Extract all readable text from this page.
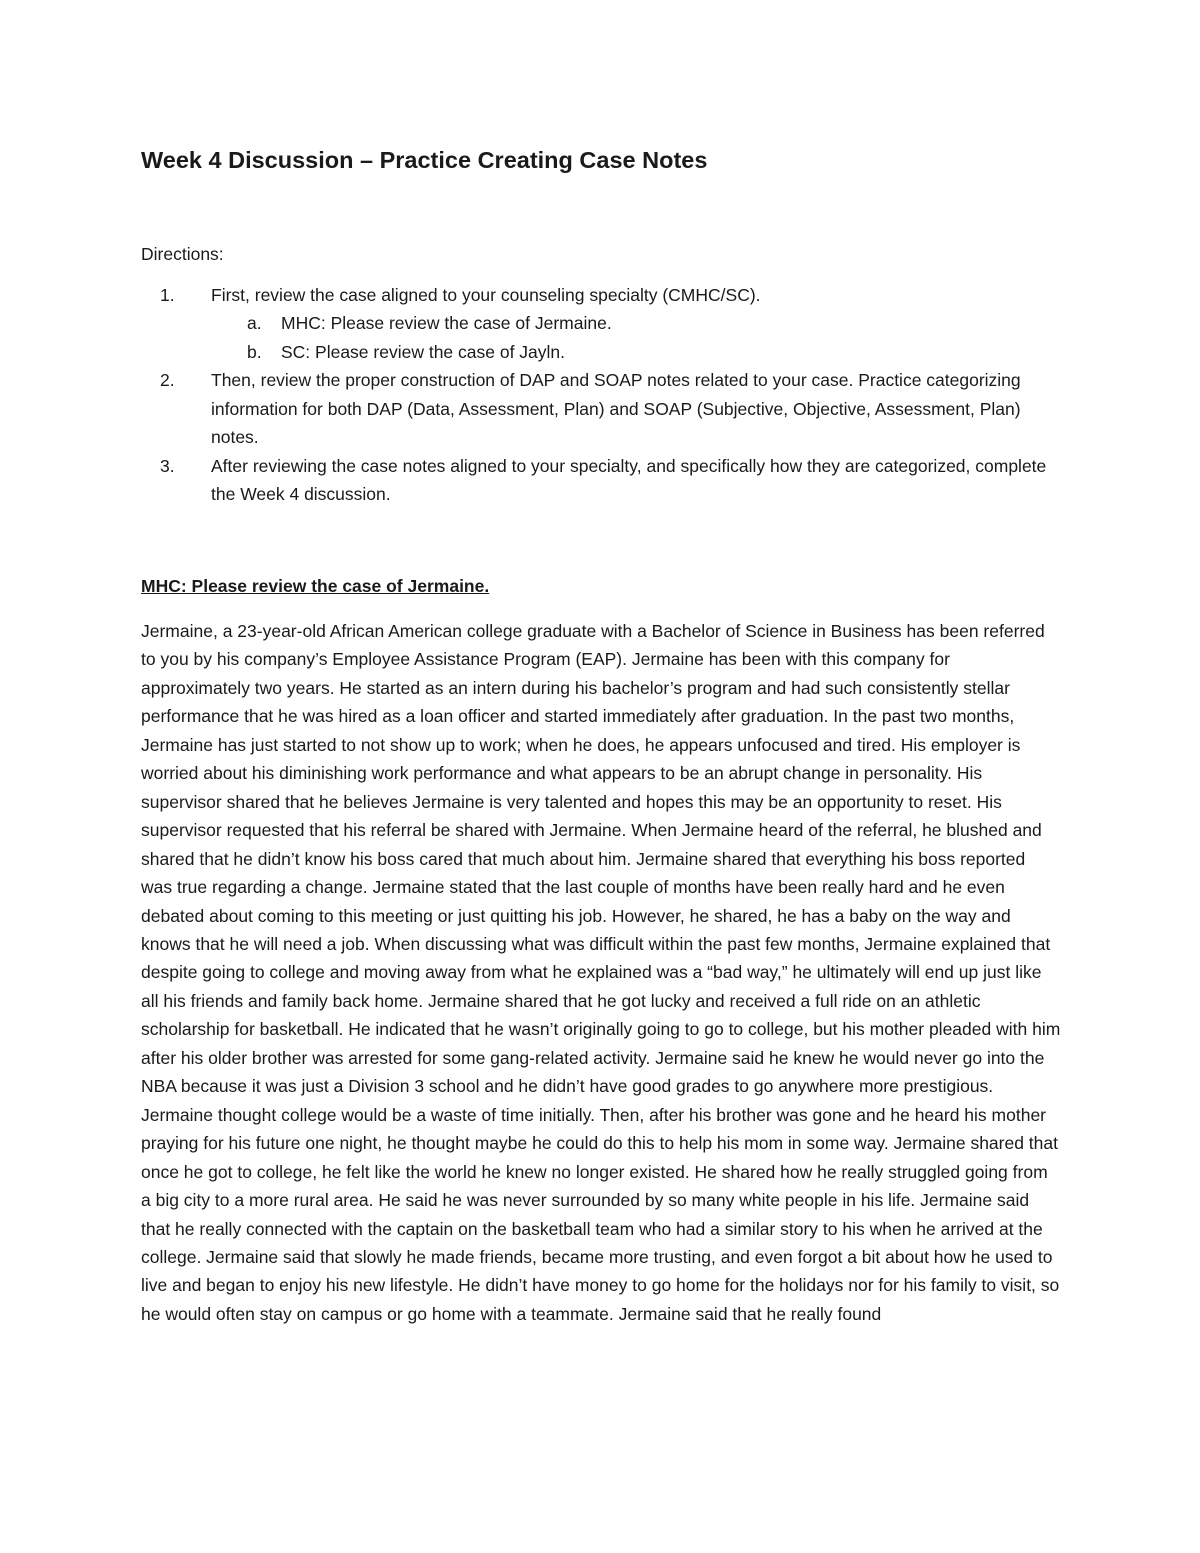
Week 4 Discussion – Practice Creating Case Notes

Directions:

1. First, review the case aligned to your counseling specialty (CMHC/SC).
a. MHC: Please review the case of Jermaine.
b. SC: Please review the case of Jayln.
2. Then, review the proper construction of DAP and SOAP notes related to your case. Practice categorizing information for both DAP (Data, Assessment, Plan) and SOAP (Subjective, Objective, Assessment, Plan) notes.
3. After reviewing the case notes aligned to your specialty, and specifically how they are categorized, complete the Week 4 discussion.

MHC: Please review the case of Jermaine.

Jermaine, a 23-year-old African American college graduate with a Bachelor of Science in Business has been referred to you by his company’s Employee Assistance Program (EAP). Jermaine has been with this company for approximately two years. He started as an intern during his bachelor’s program and had such consistently stellar performance that he was hired as a loan officer and started immediately after graduation. In the past two months, Jermaine has just started to not show up to work; when he does, he appears unfocused and tired. His employer is worried about his diminishing work performance and what appears to be an abrupt change in personality. His supervisor shared that he believes Jermaine is very talented and hopes this may be an opportunity to reset. His supervisor requested that his referral be shared with Jermaine. When Jermaine heard of the referral, he blushed and shared that he didn’t know his boss cared that much about him. Jermaine shared that everything his boss reported was true regarding a change. Jermaine stated that the last couple of months have been really hard and he even debated about coming to this meeting or just quitting his job. However, he shared, he has a baby on the way and knows that he will need a job. When discussing what was difficult within the past few months, Jermaine explained that despite going to college and moving away from what he explained was a “bad way,” he ultimately will end up just like all his friends and family back home. Jermaine shared that he got lucky and received a full ride on an athletic scholarship for basketball. He indicated that he wasn’t originally going to go to college, but his mother pleaded with him after his older brother was arrested for some gang-related activity. Jermaine said he knew he would never go into the NBA because it was just a Division 3 school and he didn’t have good grades to go anywhere more prestigious. Jermaine thought college would be a waste of time initially. Then, after his brother was gone and he heard his mother praying for his future one night, he thought maybe he could do this to help his mom in some way. Jermaine shared that once he got to college, he felt like the world he knew no longer existed. He shared how he really struggled going from a big city to a more rural area. He said he was never surrounded by so many white people in his life. Jermaine said that he really connected with the captain on the basketball team who had a similar story to his when he arrived at the college. Jermaine said that slowly he made friends, became more trusting, and even forgot a bit about how he used to live and began to enjoy his new lifestyle. He didn’t have money to go home for the holidays nor for his family to visit, so he would often stay on campus or go home with a teammate. Jermaine said that he really found
